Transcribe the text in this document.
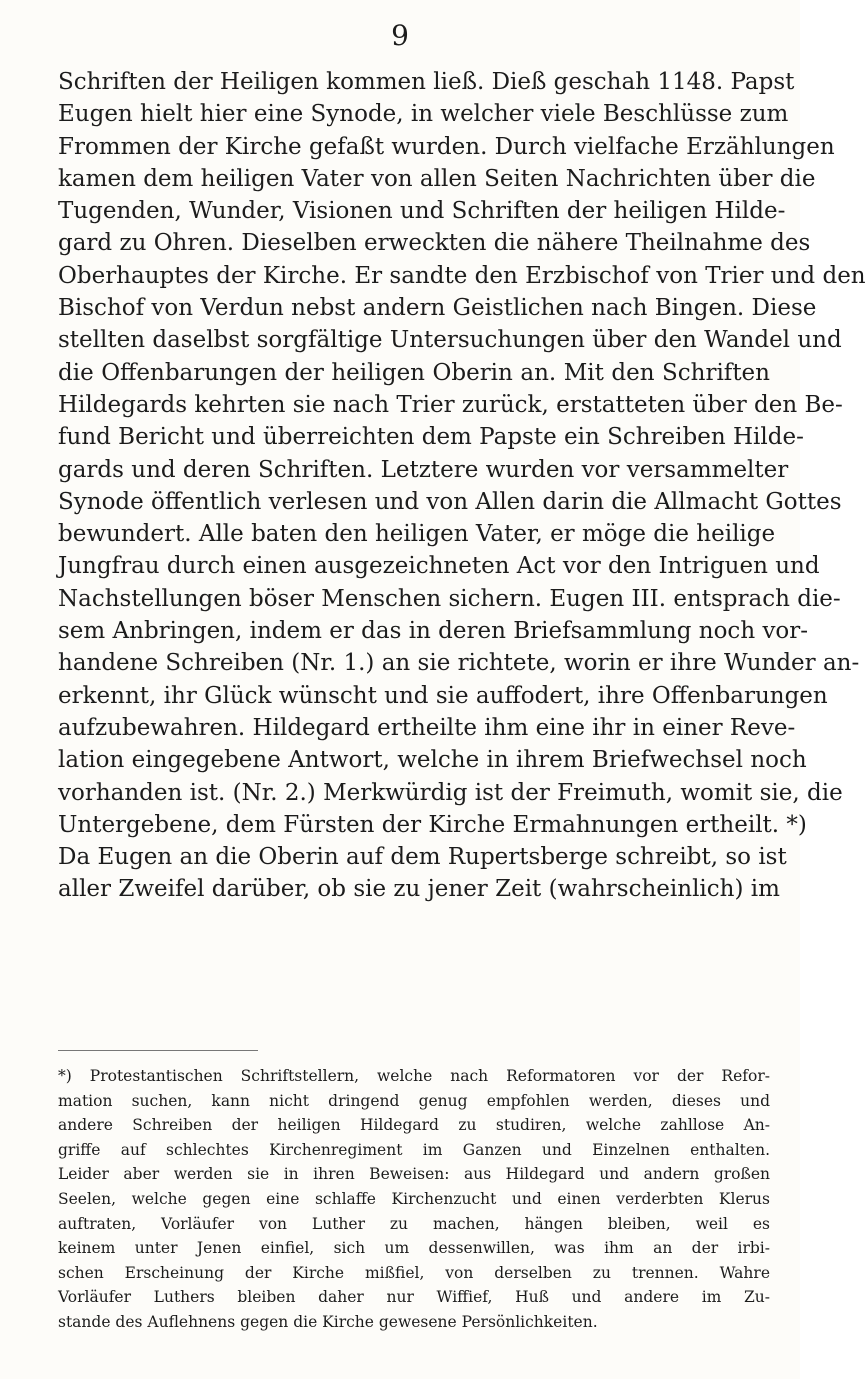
9
Schriften der Heiligen kommen ließ. Dieß geschah 1148. Papst
Eugen hielt hier eine Synode, in welcher viele Beschlüsse zum
Frommen der Kirche gefaßt wurden. Durch vielfache Erzählungen
kamen dem heiligen Vater von allen Seiten Nachrichten über die
Tugenden, Wunder, Visionen und Schriften der heiligen Hilde-
gard zu Ohren. Dieselben erweckten die nähere Theilnahme des
Oberhauptes der Kirche. Er sandte den Erzbischof von Trier und den
Bischof von Verdun nebst andern Geistlichen nach Bingen. Diese
stellten daselbst sorgfältige Untersuchungen über den Wandel und
die Offenbarungen der heiligen Oberin an. Mit den Schriften
Hildegards kehrten sie nach Trier zurück, erstatteten über den Be-
fund Bericht und überreichten dem Papste ein Schreiben Hilde-
gards und deren Schriften. Letztere wurden vor versammelter
Synode öffentlich verlesen und von Allen darin die Allmacht Gottes
bewundert. Alle baten den heiligen Vater, er möge die heilige
Jungfrau durch einen ausgezeichneten Act vor den Intriguen und
Nachstellungen böser Menschen sichern. Eugen III. entsprach die-
sem Anbringen, indem er das in deren Briefsammlung noch vor-
handene Schreiben (Nr. 1.) an sie richtete, worin er ihre Wunder an-
erkennt, ihr Glück wünscht und sie auffodert, ihre Offenbarungen
aufzubewahren. Hildegard ertheilte ihm eine ihr in einer Reve-
lation eingegebene Antwort, welche in ihrem Briefwechsel noch
vorhanden ist. (Nr. 2.) Merkwürdig ist der Freimuth, womit sie, die
Untergebene, dem Fürsten der Kirche Ermahnungen ertheilt. *)
Da Eugen an die Oberin auf dem Rupertsberge schreibt, so ist
aller Zweifel darüber, ob sie zu jener Zeit (wahrscheinlich) im
*) Protestantischen Schriftstellern, welche nach Reformatoren vor der Refor-
mation suchen, kann nicht dringend genug empfohlen werden, dieses und
andere Schreiben der heiligen Hildegard zu studiren, welche zahllose An-
griffe auf schlechtes Kirchenregiment im Ganzen und Einzelnen enthalten.
Leider aber werden sie in ihren Beweisen: aus Hildegard und andern großen
Seelen, welche gegen eine schlaffe Kirchenzucht und einen verderbten Klerus
auftraten, Vorläufer von Luther zu machen, hängen bleiben, weil es
keinem unter Jenen einfiel, sich um dessenwillen, was ihm an der irbi-
schen Erscheinung der Kirche mißfiel, von derselben zu trennen. Wahre
Vorläufer Luthers bleiben daher nur Wiffief, Huß und andere im Zu-
stande des Auflehnens gegen die Kirche gewesene Persönlichkeiten.
